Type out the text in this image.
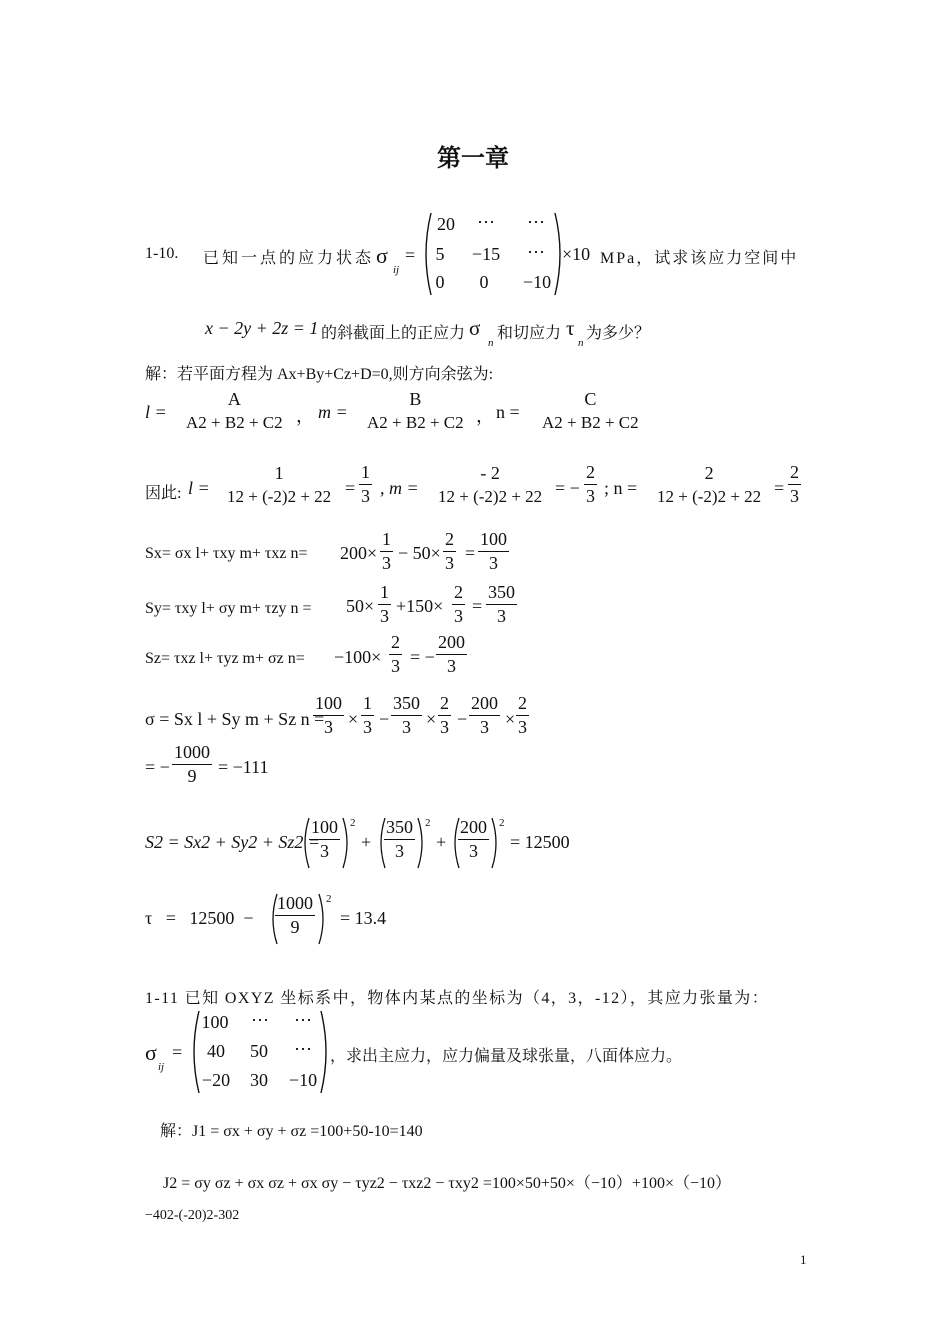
第一章
1-10. 已知一点的应力状态 σ
ij
=
20	⋯	⋯
5	−15	⋯
0	0	−10
×10 MPa，试求该应力空间中
x − 2y + 2z = 1 的斜截面上的正应力 σ
n
和切应力 τ
n
为多少？
解：若平面方程为 Ax+By+Cz+D=0,则方向余弦为:
l =
A
A2 + B2 + C2 ， m =
B
A2 + B2 + C2 ， n =
C
A2 + B2 + C2
因此: l =
1
12 + (-2)2 + 22 =
1
3 , m =
- 2
12 + (-2)2 + 22 = −
2
3 ; n =
2
12 + (-2)2 + 22 =
2
3
Sx= σx l+ τxy m+ τxz n= 200×
1
3 − 50×
2
3 =
100
3
Sy= τxy l+ σy m+ τzy n = 50×
1
3 +150×
2
3 =
350
3
Sz= τxz l+ τyz m+ σz n= −100×
2
3 = −
200
3
σ = Sx l + Sy m + Sz n =
100
3 ×
1
3 −
350
3 ×
2
3 −
200
3 ×
2
3
= −
1000
9 = −111
S2 = Sx2 + Sy2 + Sz2 =
100
3
2
+
350
3
2
+
200
3
2
= 12500
τ   =   12500  −
1000
9
2
= 13.4
1-11 已知 OXYZ 坐标系中，物体内某点的坐标为（4，3，-12），其应力张量为：
σ
ij
=
100	⋯	⋯
40	50	⋯
−20	30	−10
，求出主应力，应力偏量及球张量，八面体应力。
解：J1 = σx + σy + σz =100+50-10=140
J2 = σy σz + σx σz + σx σy − τyz2 − τxz2 − τxy2 =100×50+50×（−10）+100×（−10）
−402-(-20)2-302
1
